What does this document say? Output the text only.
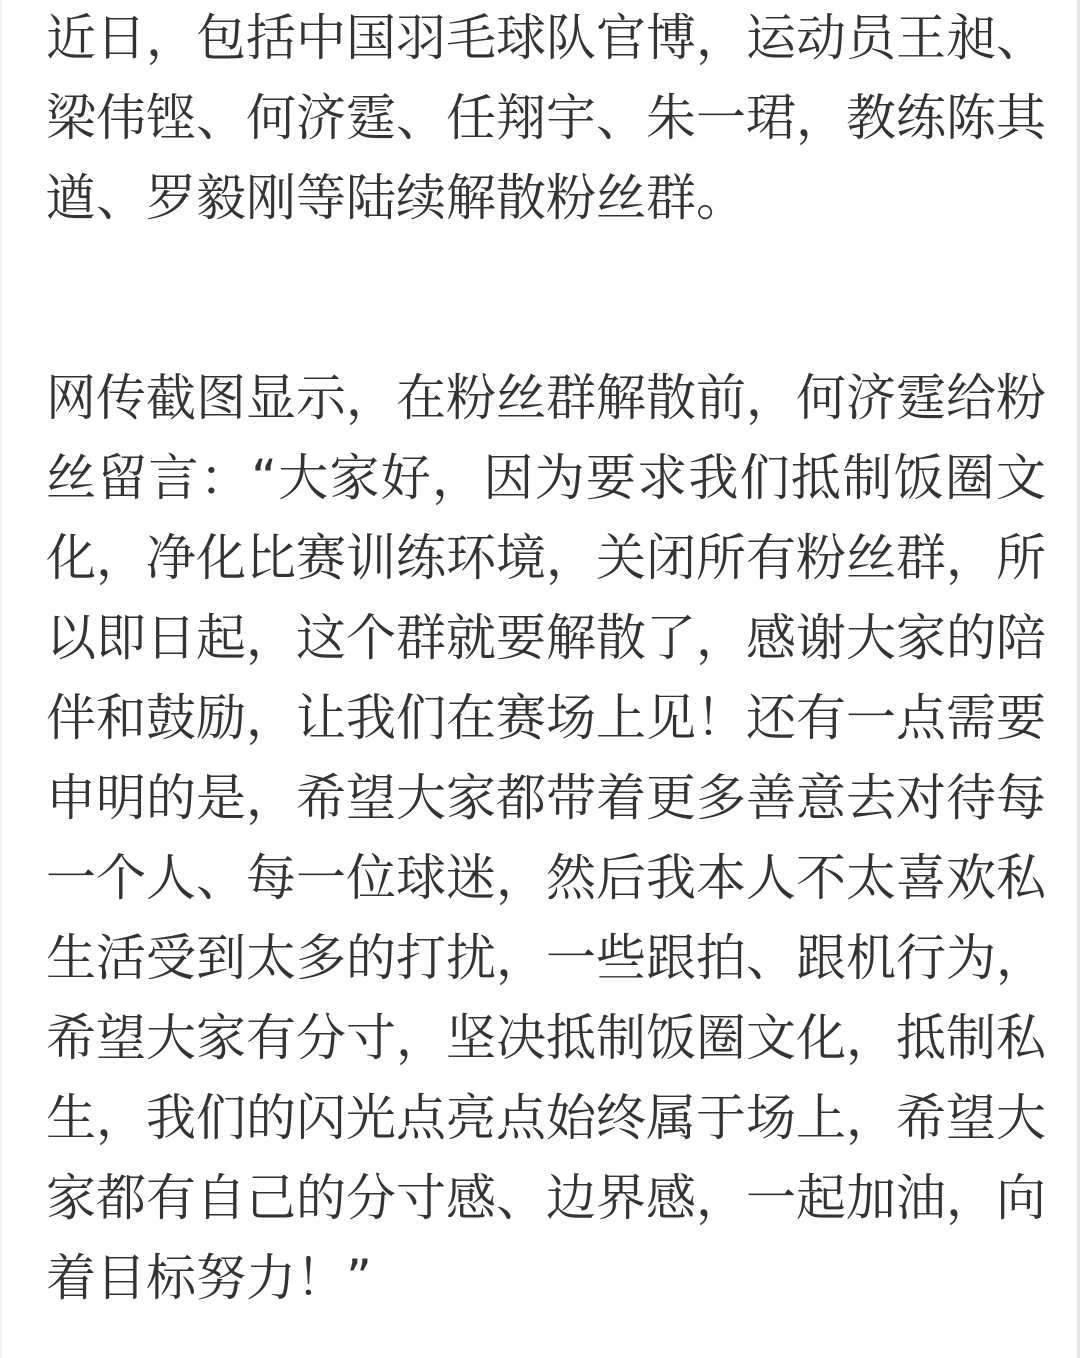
近日，包括中国羽毛球队官博，运动员王昶、梁伟铿、何济霆、任翔宇、朱一珺，教练陈其遒、罗毅刚等陆续解散粉丝群。

网传截图显示，在粉丝群解散前，何济霆给粉丝留言：“大家好，因为要求我们抵制饭圈文化，净化比赛训练环境，关闭所有粉丝群，所以即日起，这个群就要解散了，感谢大家的陪伴和鼓励，让我们在赛场上见！还有一点需要申明的是，希望大家都带着更多善意去对待每一个人、每一位球迷，然后我本人不太喜欢私生活受到太多的打扰，一些跟拍、跟机行为，希望大家有分寸，坚决抵制饭圈文化，抵制私生，我们的闪光点亮点始终属于场上，希望大家都有自己的分寸感、边界感，一起加油，向着目标努力！”
